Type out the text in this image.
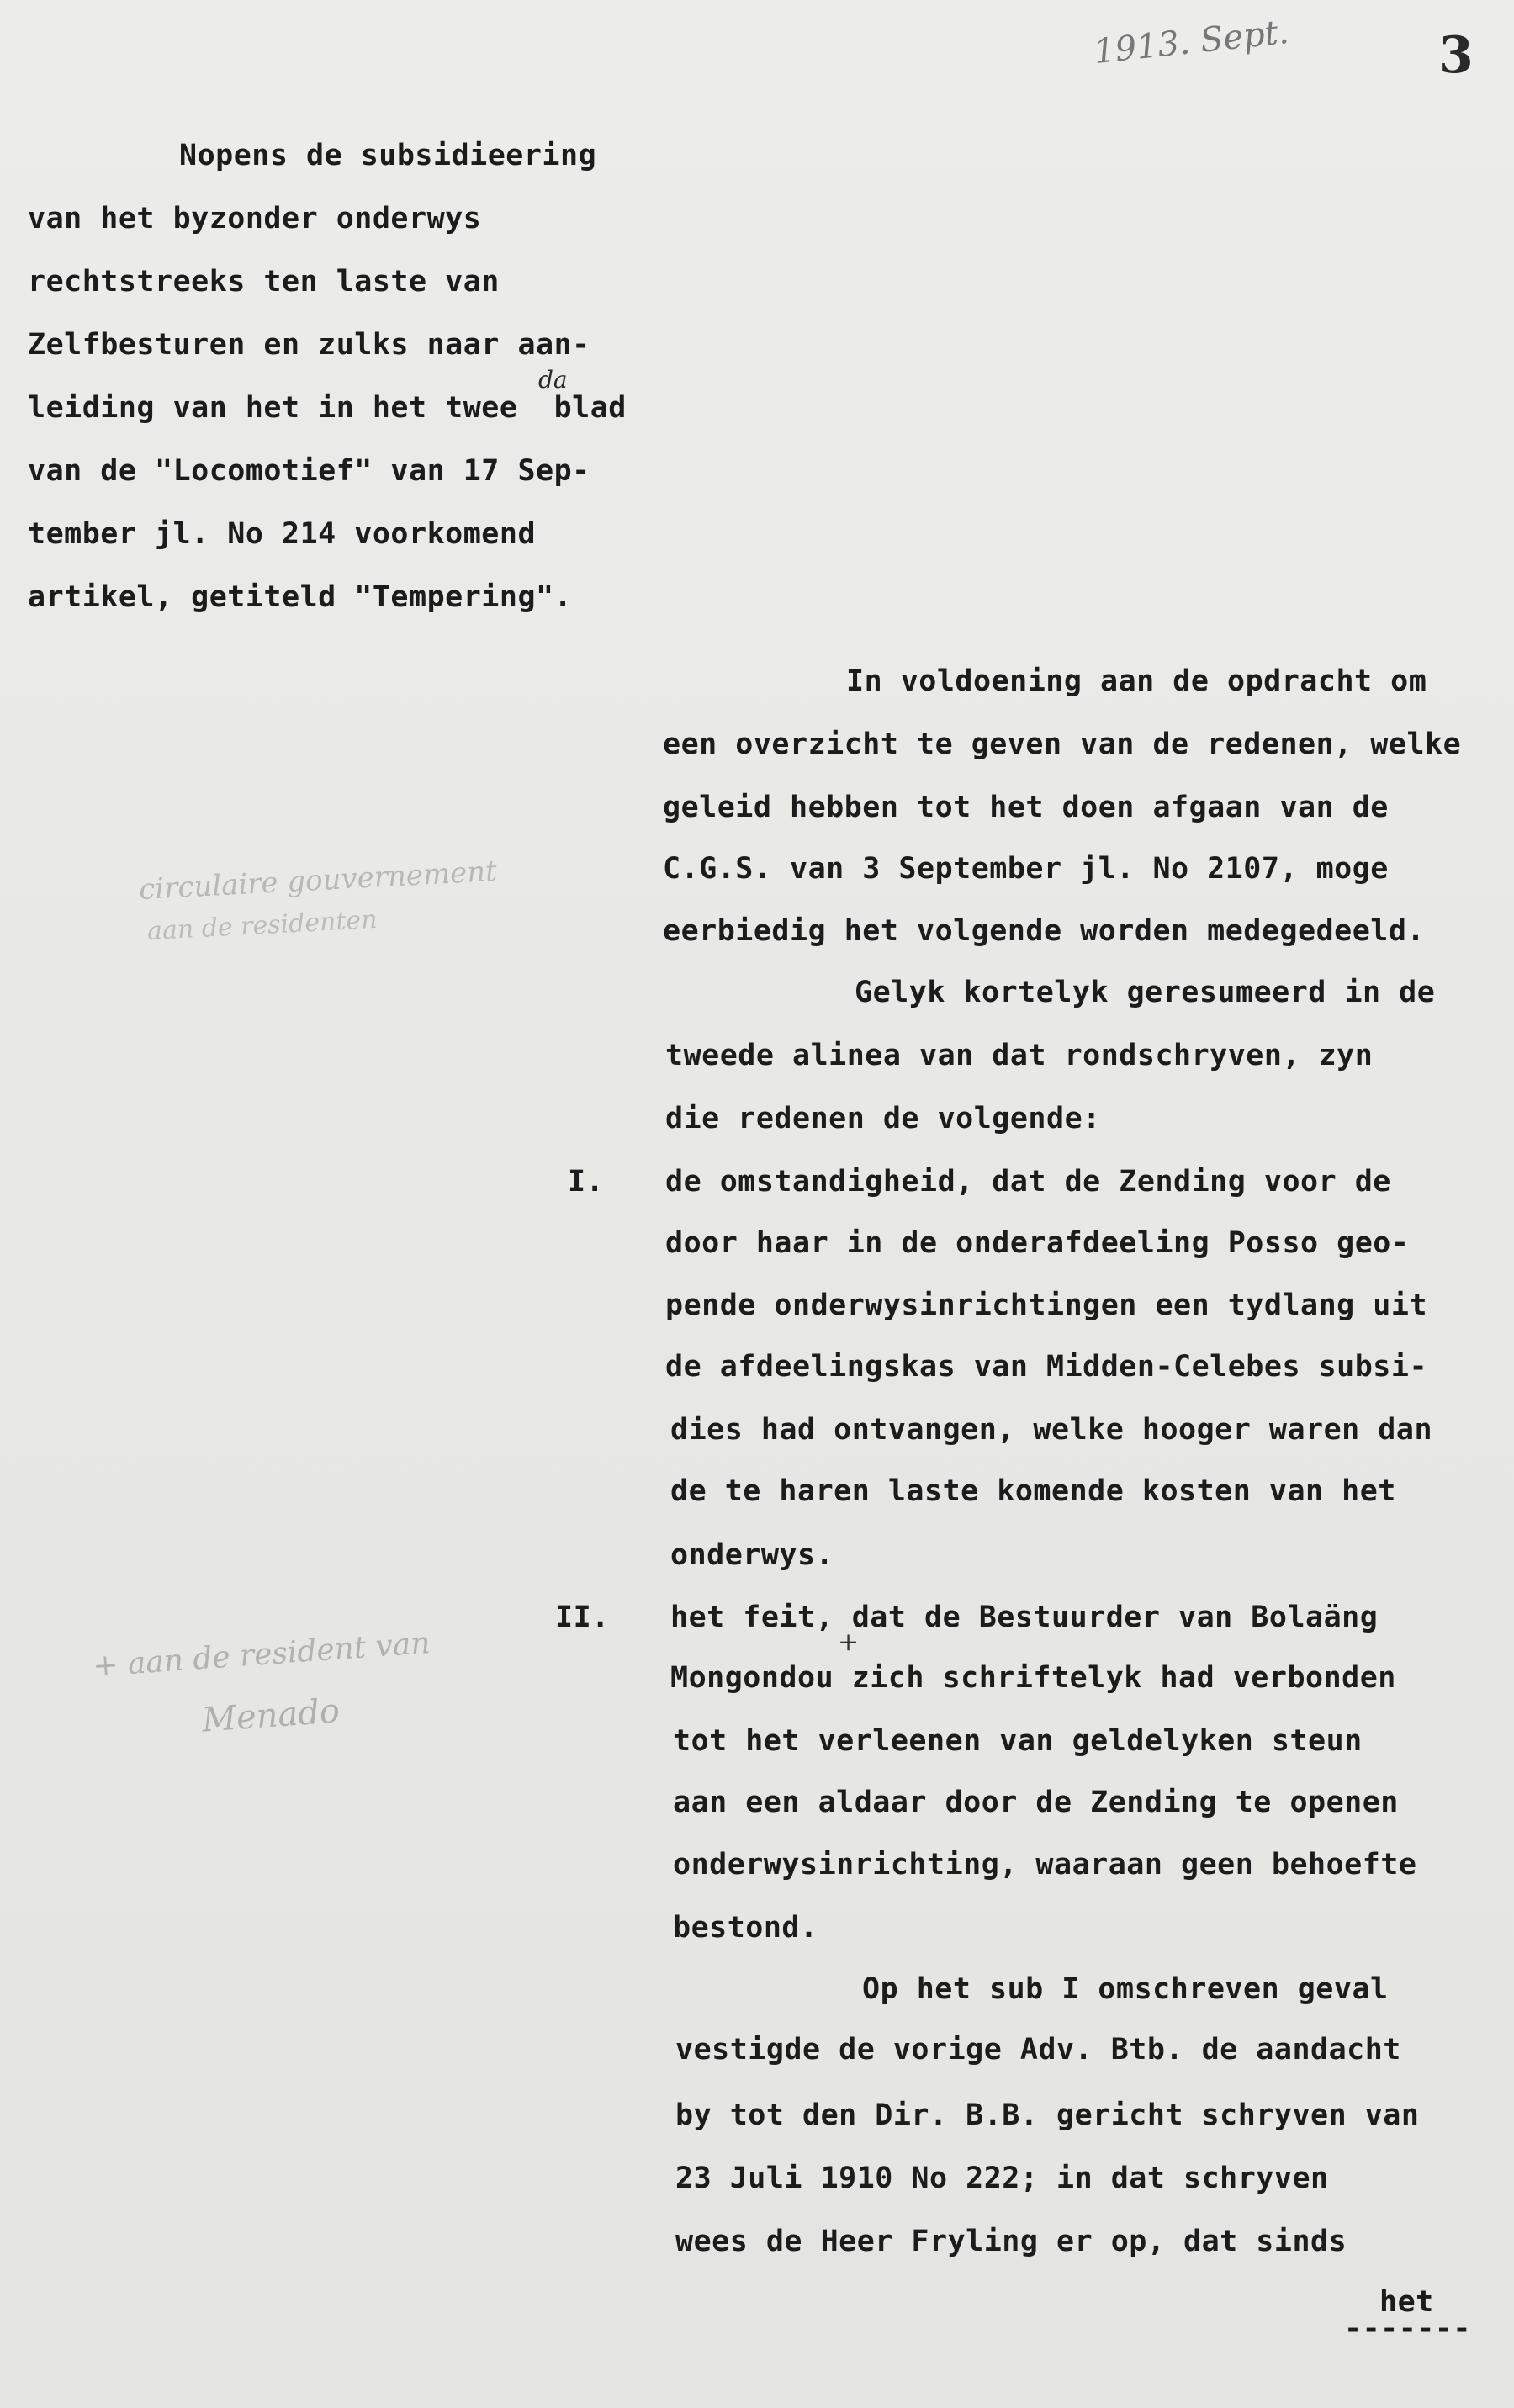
1913. Sept.	3
da
circulaire gouvernement
aan de residenten
+ aan de resident van
Menado
+
Nopens de subsidieering
van het byzonder onderwys
rechtstreeks ten laste van
Zelfbesturen en zulks naar aan-
leiding van het in het twee  blad
van de "Locomotief" van 17 Sep-
tember jl. No 214 voorkomend
artikel, getiteld "Tempering".
In voldoening aan de opdracht om
een overzicht te geven van de redenen, welke
geleid hebben tot het doen afgaan van de
C.G.S. van 3 September jl. No 2107, moge
eerbiedig het volgende worden medegedeeld.
Gelyk kortelyk geresumeerd in de
tweede alinea van dat rondschryven, zyn
die redenen de volgende:
I. de omstandigheid, dat de Zending voor de
door haar in de onderafdeeling Posso geo-
pende onderwysinrichtingen een tydlang uit
de afdeelingskas van Midden-Celebes subsi-
dies had ontvangen, welke hooger waren dan
de te haren laste komende kosten van het
onderwys.
II. het feit, dat de Bestuurder van Bolaäng
Mongondou zich schriftelyk had verbonden
tot het verleenen van geldelyken steun
aan een aldaar door de Zending te openen
onderwysinrichting, waaraan geen behoefte
bestond.
Op het sub I omschreven geval
vestigde de vorige Adv. Btb. de aandacht
by tot den Dir. B.B. gericht schryven van
23 Juli 1910 No 222; in dat schryven
wees de Heer Fryling er op, dat sinds
het
-------
